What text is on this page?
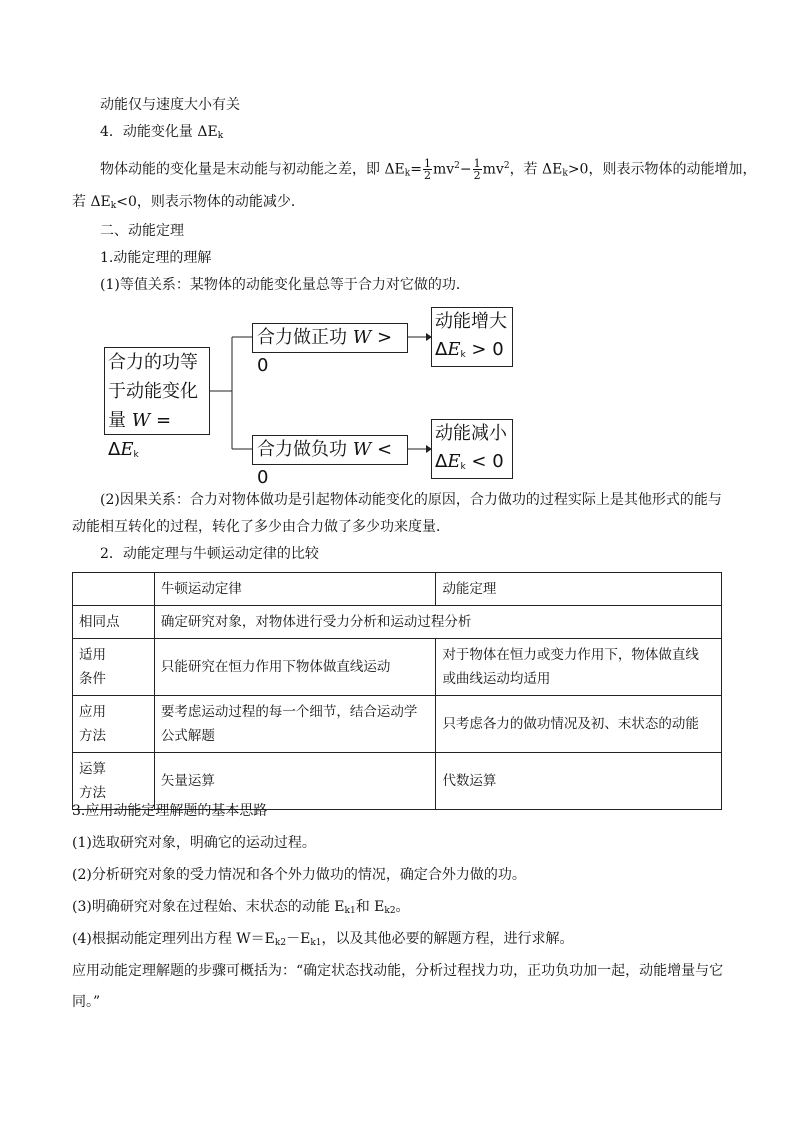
动能仅与速度大小有关
4．动能变化量 $\Delta E_k$
物体动能的变化量是末动能与初动能之差，即 $\Delta E_k= \frac{1}{2} mv^2- \frac{1}{2} mv^2$，若 $\Delta E_k>0$，则表示物体的动能增加，
若 $\Delta E_k<0$，则表示物体的动能减少．
二、动能定理
1.动能定理的理解
(1)等值关系：某物体的动能变化量总等于合力对它做的功．
合力的功等
于动能变化
量 $W = \Delta E_k$
合力做正功 W > 0
合力做负功 W < 0
动能增大
$\Delta E_k > 0$
动能减小
$\Delta E_k < 0$
(2)因果关系：合力对物体做功是引起物体动能变化的原因，合力做功的过程实际上是其他形式的能与
动能相互转化的过程，转化了多少由合力做了多少功来度量．
2．动能定理与牛顿运动定律的比较
	牛顿运动定律	动能定理
相同点	确定研究对象，对物体进行受力分析和运动过程分析	
适用
条件	只能研究在恒力作用下物体做直线运动	对于物体在恒力或变力作用下，物体做直线
或曲线运动均适用
应用
方法	要考虑运动过程的每一个细节，结合运动学
公式解题	只考虑各力的做功情况及初、末状态的动能
运算
方法	矢量运算	代数运算
3.应用动能定理解题的基本思路
(1)选取研究对象，明确它的运动过程。
(2)分析研究对象的受力情况和各个外力做功的情况，确定合外力做的功。
(3)明确研究对象在过程始、末状态的动能 $E_{k1}$和 $E_{k2}$。
(4)根据动能定理列出方程 $W=E_{k2}-E_{k1}$，以及其他必要的解题方程，进行求解。
应用动能定理解题的步骤可概括为：“确定状态找动能，分析过程找力功，正功负功加一起，动能增量与它
同。”
